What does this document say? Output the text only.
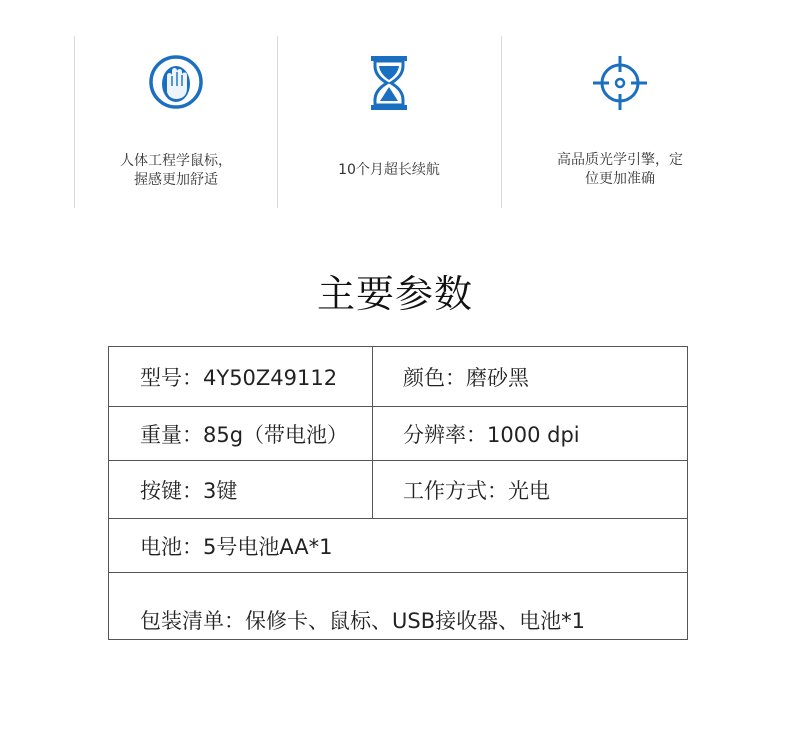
人体工程学鼠标，
握感更加舒适
10个月超长续航
高品质光学引擎，定
位更加准确
主要参数
型号：4Y50Z49112	颜色：磨砂黑
重量：85g（带电池）	分辨率：1000 dpi
按键：3键	工作方式：光电
电池：5号电池AA*1
包装清单：保修卡、鼠标、USB接收器、电池*1
